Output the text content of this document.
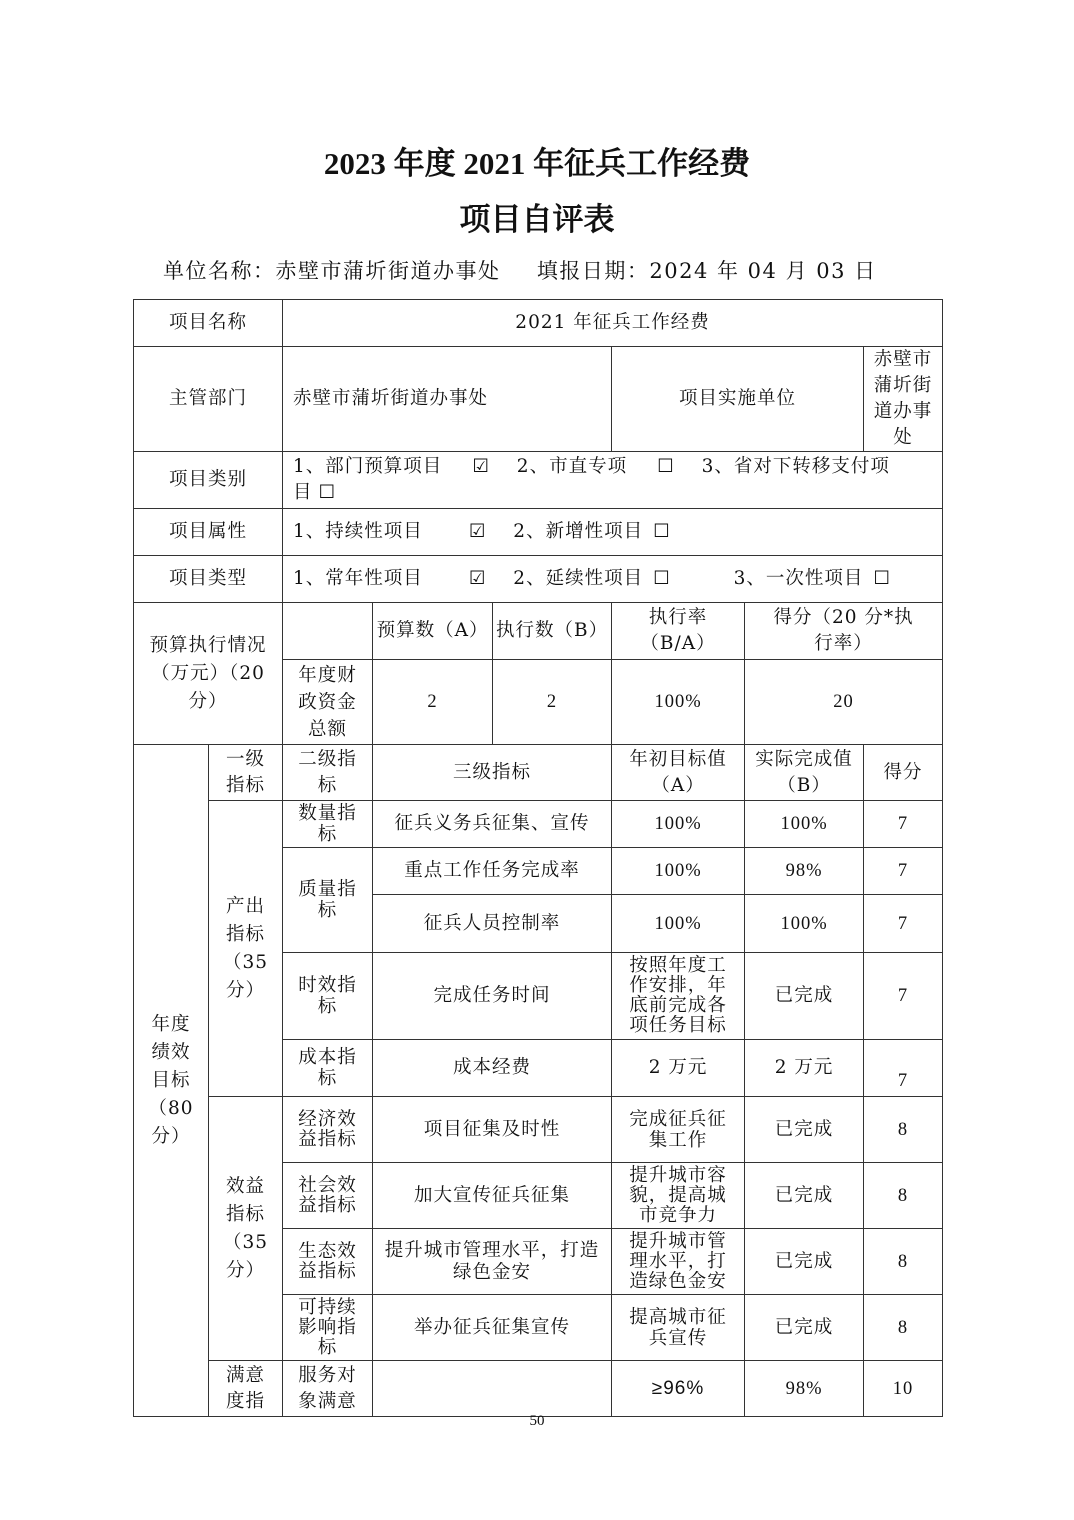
2023 年度 2021 年征兵工作经费
项目自评表
单位名称：赤壁市蒲圻街道办事处 填报日期：2024 年 04 月 03 日
项目名称		2021 年征兵工作经费					
主管部门		赤壁市蒲圻街道办事处			项目实施单位		赤壁市蒲圻街道办事处
项目类别		1、部门预算项目 ☑ 2、市直专项 ☐ 3、省对下转移支付项
目 ☐					
项目属性		1、持续性项目 ☑ 2、新增性项目 ☐					
项目类型		1、常年性项目 ☑ 2、延续性项目 ☐ 3、一次性项目 ☐					
预算执行情况（万元）（20 分）			预算数（A）	执行数（B）	执行率（B/A）	得分（20 分*执行率）	
		年度财政资金总额	2	2	100%	20	
年度绩效目标（80 分）	一级指标	二级指标	三级指标		年初目标值（A）	实际完成值（B）	得分
	产出指标（35 分）	数量指标	征兵义务兵征集、宣传		100%	100%	7
		质量指标	重点工作任务完成率		100%	98%	7
			征兵人员控制率		100%	100%	7
		时效指标	完成任务时间		按照年度工作安排，年底前完成各项任务目标	已完成	7
		成本指标	成本经费		2 万元	2 万元	7
	效益指标（35 分）	经济效益指标	项目征集及时性		完成征兵征集工作	已完成	8
		社会效益指标	加大宣传征兵征集		提升城市容貌，提高城市竞争力	已完成	8
		生态效益指标	提升城市管理水平，打造绿色金安		提升城市管理水平，打造绿色金安	已完成	8
		可持续影响指标	举办征兵征集宣传		提高城市征兵宣传	已完成	8
	满意度指	服务对象满意			≥96%	98%	10
50
